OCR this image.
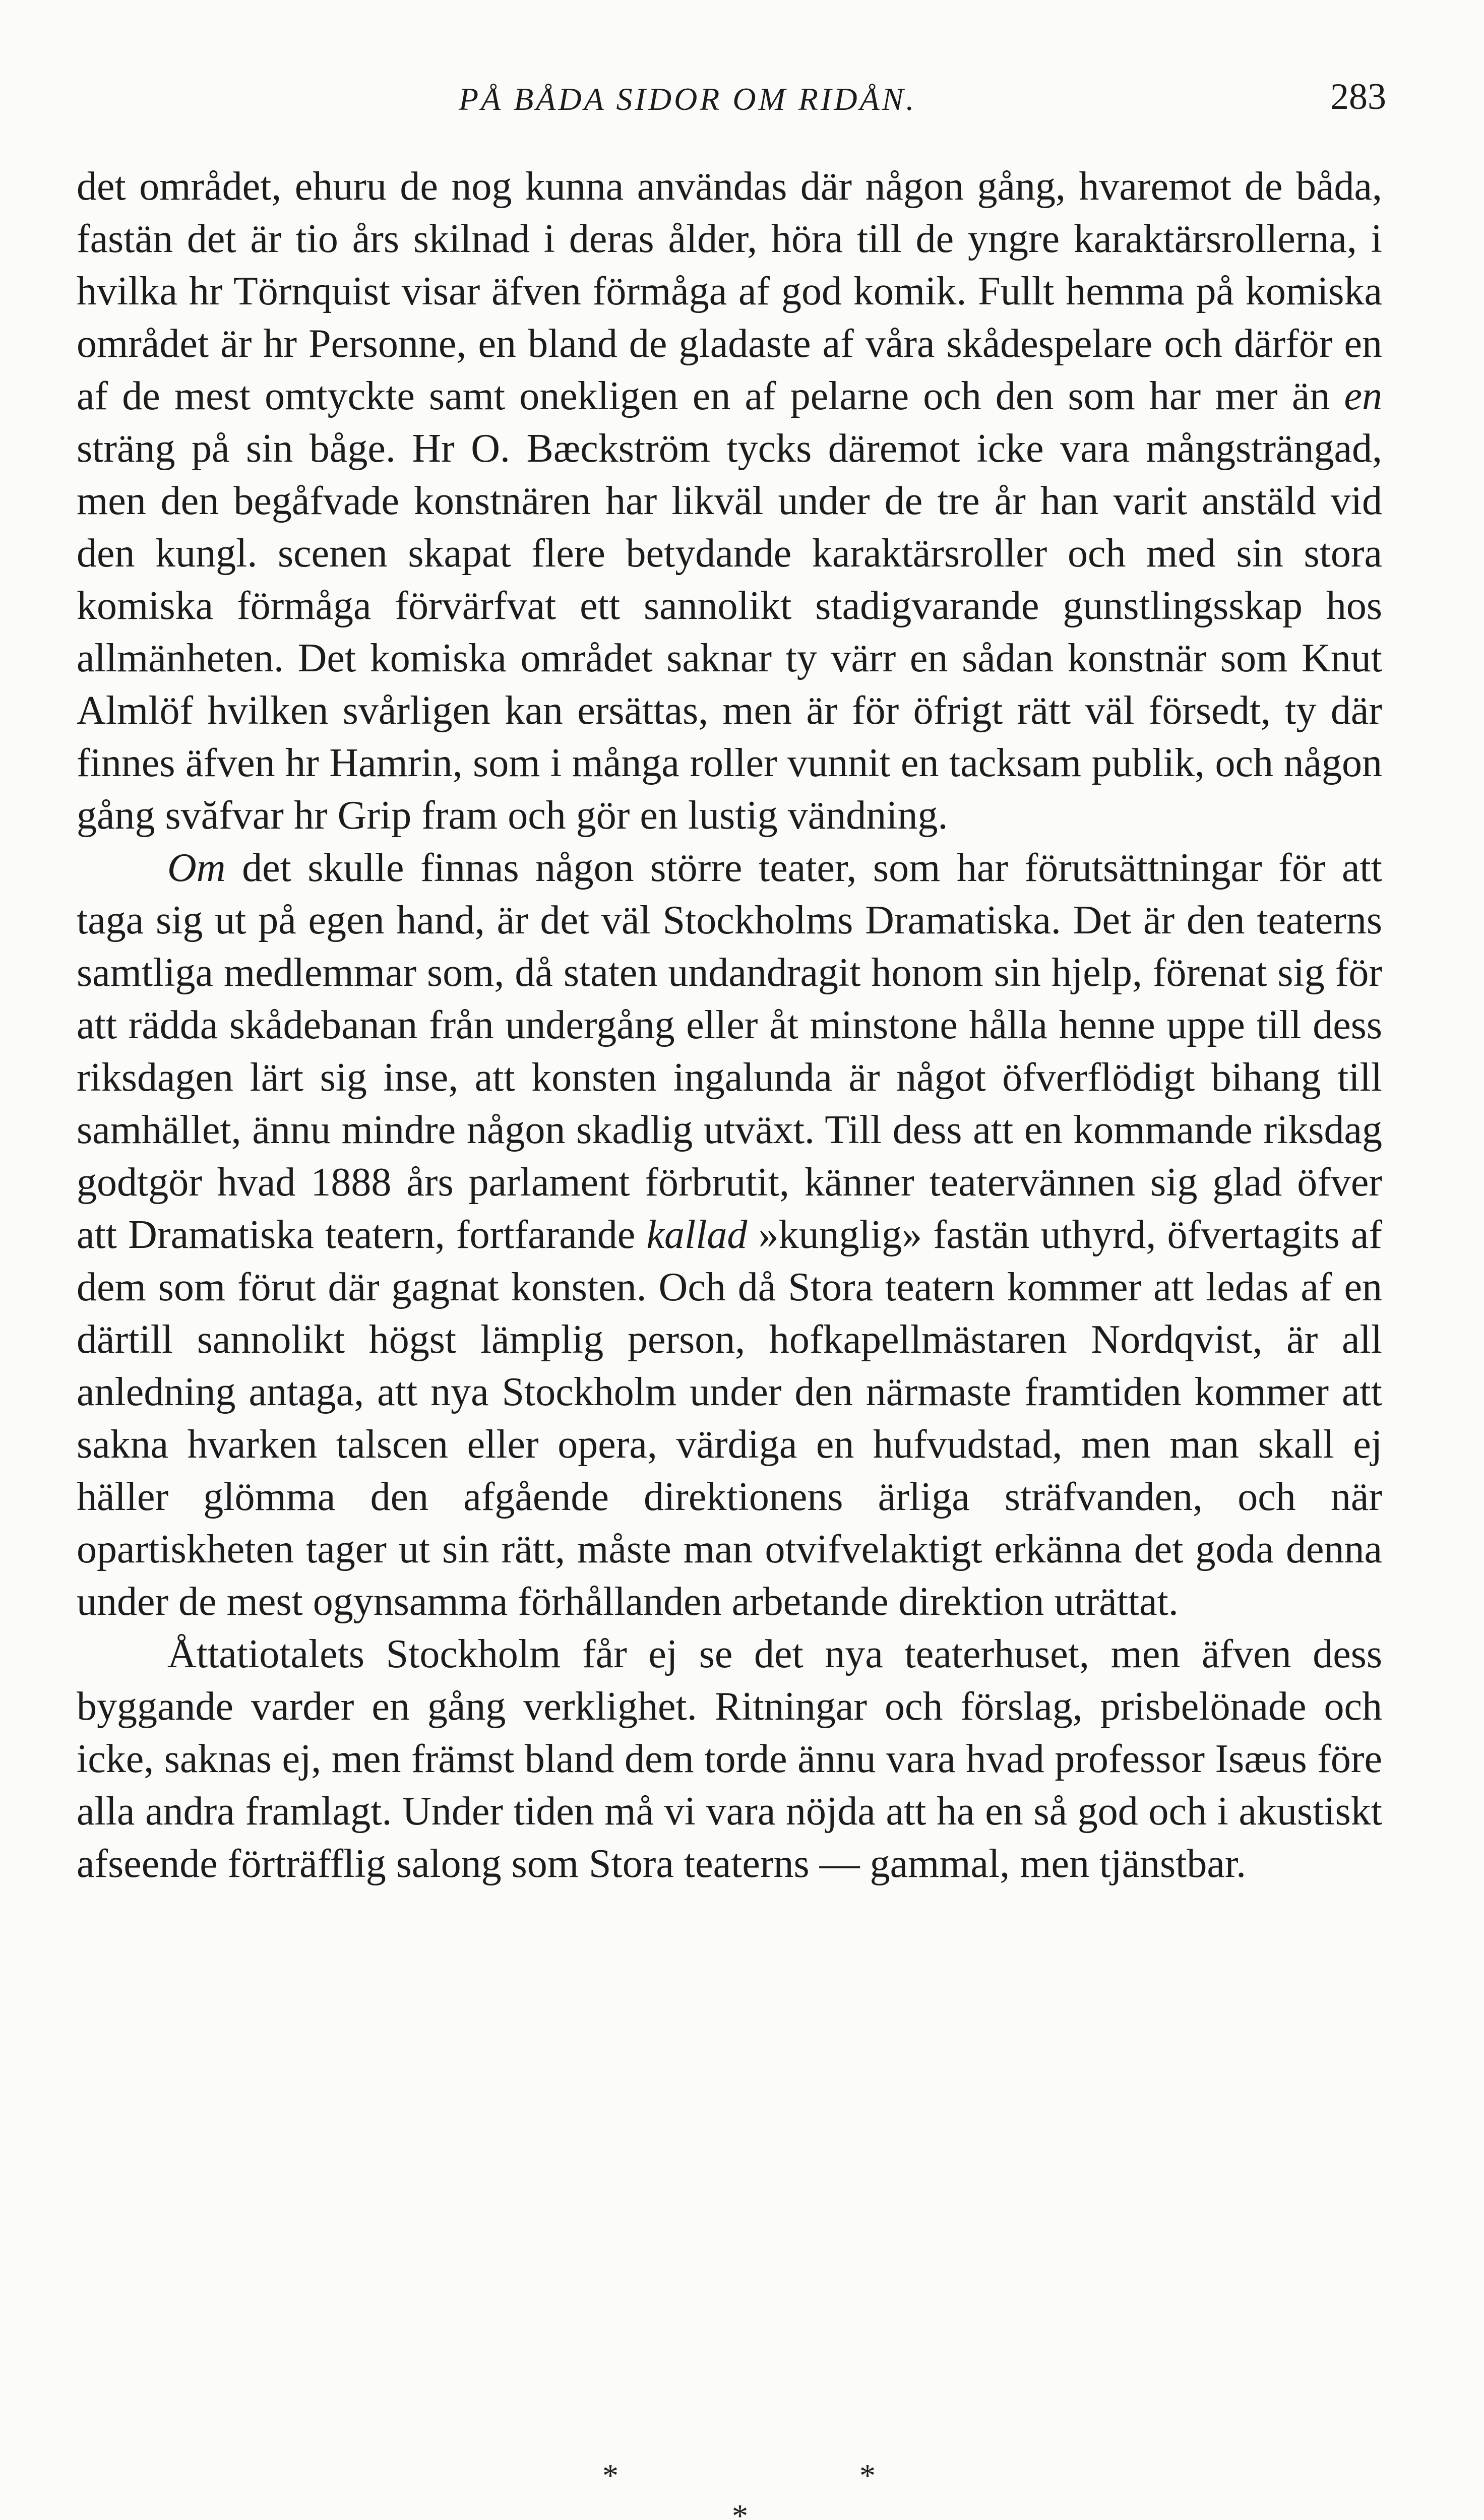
PÅ BÅDA SIDOR OM RIDÅN.	283

det området, ehuru de nog kunna användas där någon gång, hvaremot de båda, fastän det är tio års skilnad i deras ålder, höra till de yngre karaktärsrollerna, i hvilka hr Törnquist visar äfven förmåga af god komik. Fullt hemma på komiska området är hr Personne, en bland de gladaste af våra skådespelare och därför en af de mest omtyckte samt onekligen en af pelarne och den som har mer än en sträng på sin båge. Hr O. Bæckström tycks däremot icke vara mångsträngad, men den begåfvade konstnären har likväl under de tre år han varit anstäld vid den kungl. scenen skapat flere betydande karaktärsroller och med sin stora komiska förmåga förvärfvat ett sannolikt stadigvarande gunstlingsskap hos allmänheten. Det komiska området saknar ty värr en sådan konstnär som Knut Almlöf hvilken svårligen kan ersättas, men är för öfrigt rätt väl försedt, ty där finnes äfven hr Hamrin, som i många roller vunnit en tacksam publik, och någon gång svăfvar hr Grip fram och gör en lustig vändning.

Om det skulle finnas någon större teater, som har förutsättningar för att taga sig ut på egen hand, är det väl Stockholms Dramatiska. Det är den teaterns samtliga medlemmar som, då staten undandragit honom sin hjelp, förenat sig för att rädda skådebanan från undergång eller åt minstone hålla henne uppe till dess riksdagen lärt sig inse, att konsten ingalunda är något öfverflödigt bihang till samhället, ännu mindre någon skadlig utväxt. Till dess att en kommande riksdag godtgör hvad 1888 års parlament förbrutit, känner teatervännen sig glad öfver att Dramatiska teatern, fortfarande kallad »kunglig» fastän uthyrd, öfvertagits af dem som förut där gagnat konsten. Och då Stora teatern kommer att ledas af en därtill sannolikt högst lämplig person, hofkapellmästaren Nordqvist, är all anledning antaga, att nya Stockholm under den närmaste framtiden kommer att sakna hvarken talscen eller opera, värdiga en hufvudstad, men man skall ej häller glömma den afgående direktionens ärliga sträfvanden, och när opartiskheten tager ut sin rätt, måste man otvifvelaktigt erkänna det goda denna under de mest ogynsamma förhållanden arbetande direktion uträttat.

Åttatiotalets Stockholm får ej se det nya teaterhuset, men äfven dess byggande varder en gång verklighet. Ritningar och förslag, prisbelönade och icke, saknas ej, men främst bland dem torde ännu vara hvad professor Isæus före alla andra framlagt. Under tiden må vi vara nöjda att ha en så god och i akustiskt afseende förträfflig salong som Stora teaterns — gammal, men tjänstbar.

*	*
*
